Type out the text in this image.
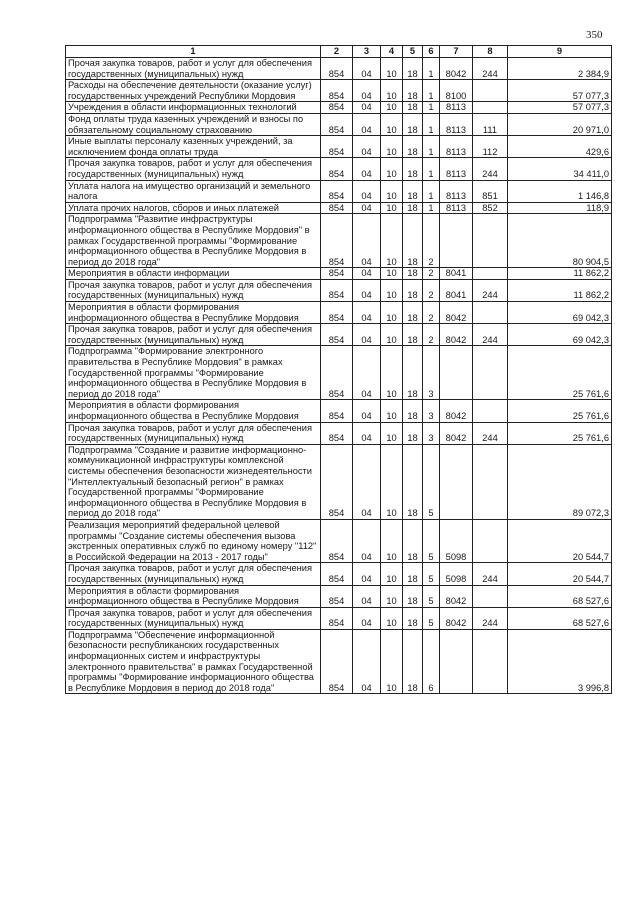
350
1	2	3	4	5	6	7	8	9
Прочая закупка товаров, работ и услуг для обеспечения государственных (муниципальных) нужд	854	04	10	18	1	8042	244	2 384,9
Расходы на обеспечение деятельности (оказание услуг) государственных учреждений Республики Мордовия	854	04	10	18	1	8100		57 077,3
Учреждения в области информационных технологий	854	04	10	18	1	8113		57 077,3
Фонд оплаты труда казенных учреждений и взносы по обязательному социальному страхованию	854	04	10	18	1	8113	111	20 971,0
Иные выплаты персоналу казенных учреждений, за исключением фонда оплаты труда	854	04	10	18	1	8113	112	429,6
Прочая закупка товаров, работ и услуг для обеспечения государственных (муниципальных) нужд	854	04	10	18	1	8113	244	34 411,0
Уплата налога на имущество организаций и земельного налога	854	04	10	18	1	8113	851	1 146,8
Уплата прочих налогов, сборов и иных платежей	854	04	10	18	1	8113	852	118,9
Подпрограмма "Развитие инфраструктуры информационного общества в Республике Мордовия" в рамках Государственной программы "Формирование информационного общества в Республике Мордовия в период до 2018 года"	854	04	10	18	2			80 904,5
Мероприятия в области информации	854	04	10	18	2	8041		11 862,2
Прочая закупка товаров, работ и услуг для обеспечения государственных (муниципальных) нужд	854	04	10	18	2	8041	244	11 862,2
Мероприятия в области формирования информационного общества в Республике Мордовия	854	04	10	18	2	8042		69 042,3
Прочая закупка товаров, работ и услуг для обеспечения государственных (муниципальных) нужд	854	04	10	18	2	8042	244	69 042,3
Подпрограмма "Формирование электронного правительства в Республике Мордовия" в рамках Государственной программы "Формирование информационного общества в Республике Мордовия в период до 2018 года"	854	04	10	18	3			25 761,6
Мероприятия в области формирования информационного общества в Республике Мордовия	854	04	10	18	3	8042		25 761,6
Прочая закупка товаров, работ и услуг для обеспечения государственных (муниципальных) нужд	854	04	10	18	3	8042	244	25 761,6
Подпрограмма "Создание и развитие информационно-коммуникационной инфраструктуры комплексной системы обеспечения безопасности жизнедеятельности "Интеллектуальный безопасный регион" в рамках Государственной программы "Формирование информационного общества в Республике Мордовия в период до 2018 года"	854	04	10	18	5			89 072,3
Реализация мероприятий федеральной целевой программы "Создание системы обеспечения вызова экстренных оперативных служб по единому номеру "112" в Российской Федерации на 2013 - 2017 годы"	854	04	10	18	5	5098		20 544,7
Прочая закупка товаров, работ и услуг для обеспечения государственных (муниципальных) нужд	854	04	10	18	5	5098	244	20 544,7
Мероприятия в области формирования информационного общества в Республике Мордовия	854	04	10	18	5	8042		68 527,6
Прочая закупка товаров, работ и услуг для обеспечения государственных (муниципальных) нужд	854	04	10	18	5	8042	244	68 527,6
Подпрограмма "Обеспечение информационной безопасности республиканских государственных информационных систем и инфраструктуры электронного правительства" в рамках Государственной программы "Формирование информационного общества в Республике Мордовия в период до 2018 года"	854	04	10	18	6			3 996,8
